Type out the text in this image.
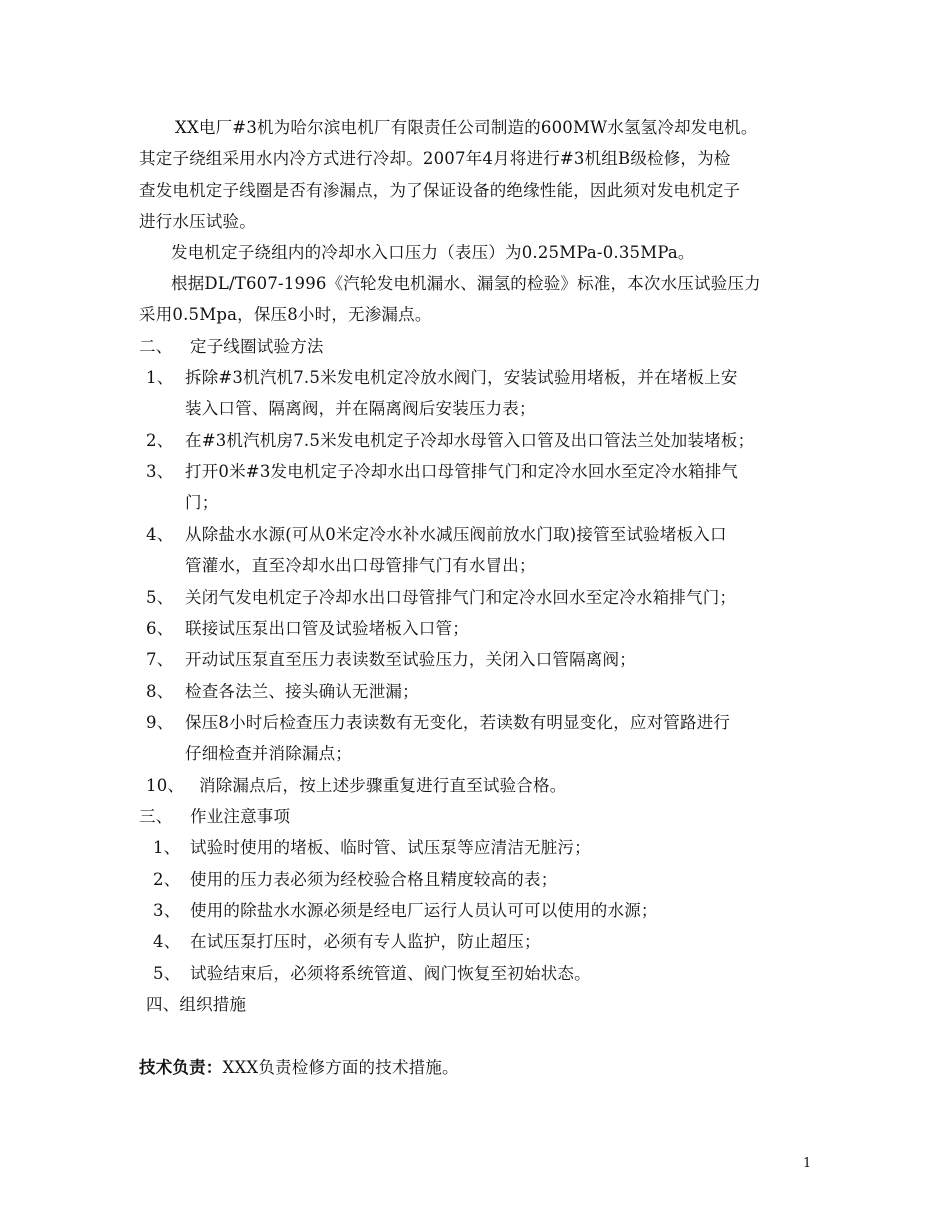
XX电厂#3机为哈尔滨电机厂有限责任公司制造的600MW水氢氢冷却发电机。
其定子绕组采用水内冷方式进行冷却。2007年4月将进行#3机组B级检修，为检
查发电机定子线圈是否有渗漏点，为了保证设备的绝缘性能，因此须对发电机定子
进行水压试验。
发电机定子绕组内的冷却水入口压力（表压）为0.25MPa-0.35MPa。
根据DL/T607-1996《汽轮发电机漏水、漏氢的检验》标准，本次水压试验压力
采用0.5Mpa，保压8小时，无渗漏点。
二、 定子线圈试验方法
1、 拆除#3机汽机7.5米发电机定冷放水阀门，安装试验用堵板，并在堵板上安
装入口管、隔离阀，并在隔离阀后安装压力表；
2、 在#3机汽机房7.5米发电机定子冷却水母管入口管及出口管法兰处加装堵板；
3、 打开0米#3发电机定子冷却水出口母管排气门和定冷水回水至定冷水箱排气
门；
4、 从除盐水水源(可从0米定冷水补水减压阀前放水门取)接管至试验堵板入口
管灌水，直至冷却水出口母管排气门有水冒出；
5、 关闭气发电机定子冷却水出口母管排气门和定冷水回水至定冷水箱排气门；
6、 联接试压泵出口管及试验堵板入口管；
7、 开动试压泵直至压力表读数至试验压力，关闭入口管隔离阀；
8、 检查各法兰、接头确认无泄漏；
9、 保压8小时后检查压力表读数有无变化，若读数有明显变化，应对管路进行
仔细检查并消除漏点；
10、 消除漏点后，按上述步骤重复进行直至试验合格。
三、 作业注意事项
1、 试验时使用的堵板、临时管、试压泵等应清洁无脏污；
2、 使用的压力表必须为经校验合格且精度较高的表；
3、 使用的除盐水水源必须是经电厂运行人员认可可以使用的水源；
4、 在试压泵打压时，必须有专人监护，防止超压；
5、 试验结束后，必须将系统管道、阀门恢复至初始状态。
四、组织措施
技术负责：XXX负责检修方面的技术措施。
1
